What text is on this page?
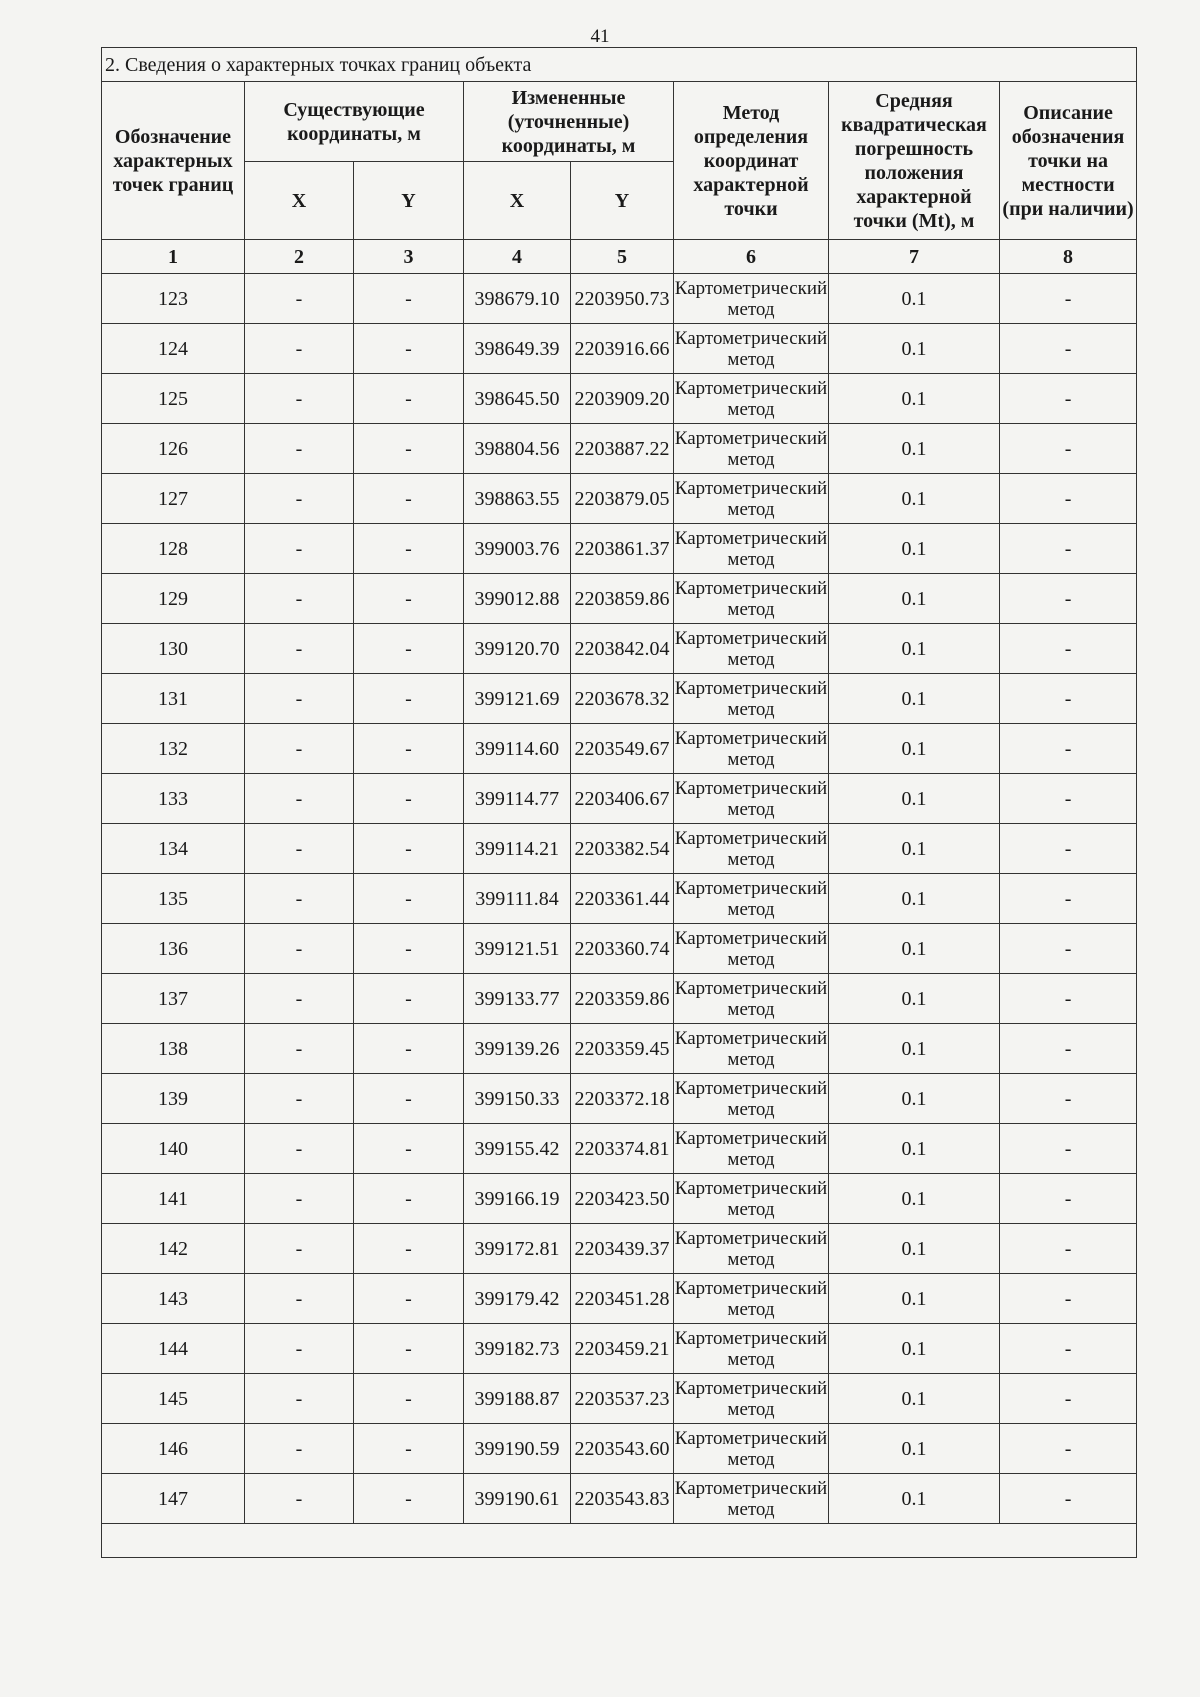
41
2. Сведения о характерных точках границ объекта							
Обозначение характерных точек границ	Существующие координаты, м		Измененные (уточненные) координаты, м		Метод определения координат характерной точки	Средняя квадратическая погрешность положения характерной точки (Mt), м	Описание обозначения точки на местности (при наличии)
	X	Y	X	Y			
1	2	3	4	5	6	7	8
123	-	-	398679.10	2203950.73	Картометрический метод	0.1	-
124	-	-	398649.39	2203916.66	Картометрический метод	0.1	-
125	-	-	398645.50	2203909.20	Картометрический метод	0.1	-
126	-	-	398804.56	2203887.22	Картометрический метод	0.1	-
127	-	-	398863.55	2203879.05	Картометрический метод	0.1	-
128	-	-	399003.76	2203861.37	Картометрический метод	0.1	-
129	-	-	399012.88	2203859.86	Картометрический метод	0.1	-
130	-	-	399120.70	2203842.04	Картометрический метод	0.1	-
131	-	-	399121.69	2203678.32	Картометрический метод	0.1	-
132	-	-	399114.60	2203549.67	Картометрический метод	0.1	-
133	-	-	399114.77	2203406.67	Картометрический метод	0.1	-
134	-	-	399114.21	2203382.54	Картометрический метод	0.1	-
135	-	-	399111.84	2203361.44	Картометрический метод	0.1	-
136	-	-	399121.51	2203360.74	Картометрический метод	0.1	-
137	-	-	399133.77	2203359.86	Картометрический метод	0.1	-
138	-	-	399139.26	2203359.45	Картометрический метод	0.1	-
139	-	-	399150.33	2203372.18	Картометрический метод	0.1	-
140	-	-	399155.42	2203374.81	Картометрический метод	0.1	-
141	-	-	399166.19	2203423.50	Картометрический метод	0.1	-
142	-	-	399172.81	2203439.37	Картометрический метод	0.1	-
143	-	-	399179.42	2203451.28	Картометрический метод	0.1	-
144	-	-	399182.73	2203459.21	Картометрический метод	0.1	-
145	-	-	399188.87	2203537.23	Картометрический метод	0.1	-
146	-	-	399190.59	2203543.60	Картометрический метод	0.1	-
147	-	-	399190.61	2203543.83	Картометрический метод	0.1	-
